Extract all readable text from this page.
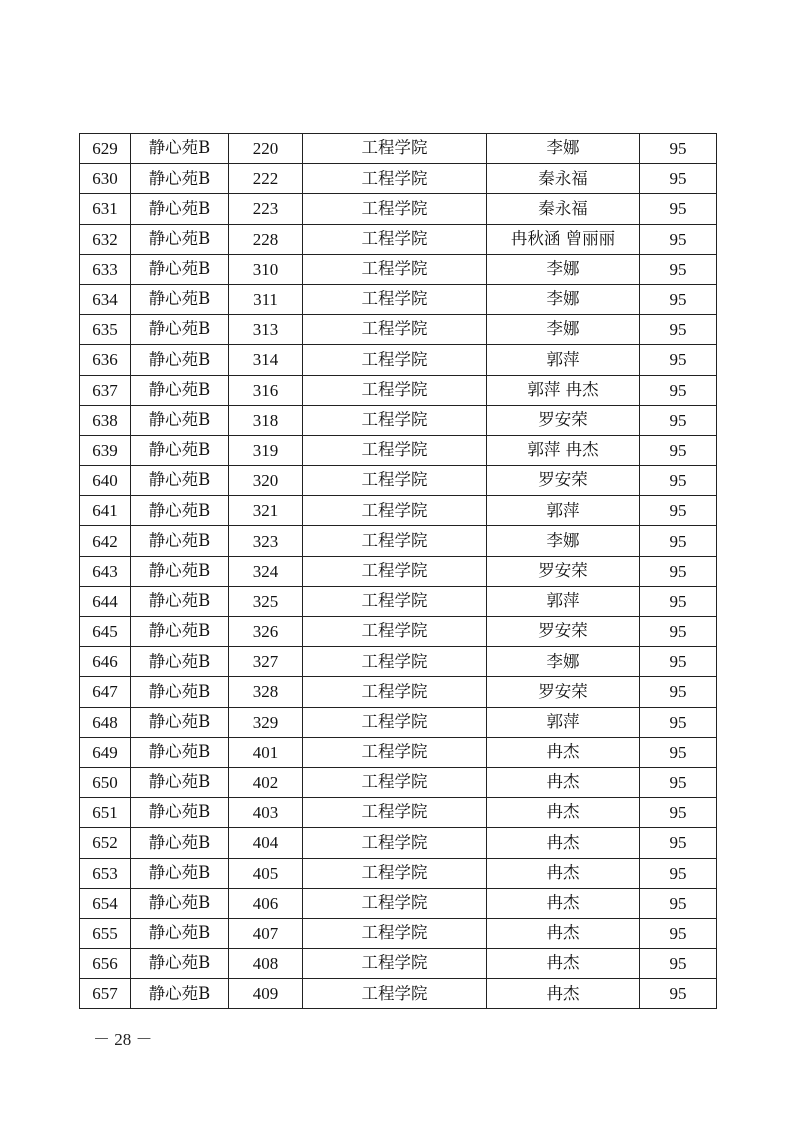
629	静心苑B	220	工程学院	李娜	95
630	静心苑B	222	工程学院	秦永福	95
631	静心苑B	223	工程学院	秦永福	95
632	静心苑B	228	工程学院	冉秋涵 曾丽丽	95
633	静心苑B	310	工程学院	李娜	95
634	静心苑B	311	工程学院	李娜	95
635	静心苑B	313	工程学院	李娜	95
636	静心苑B	314	工程学院	郭萍	95
637	静心苑B	316	工程学院	郭萍 冉杰	95
638	静心苑B	318	工程学院	罗安荣	95
639	静心苑B	319	工程学院	郭萍 冉杰	95
640	静心苑B	320	工程学院	罗安荣	95
641	静心苑B	321	工程学院	郭萍	95
642	静心苑B	323	工程学院	李娜	95
643	静心苑B	324	工程学院	罗安荣	95
644	静心苑B	325	工程学院	郭萍	95
645	静心苑B	326	工程学院	罗安荣	95
646	静心苑B	327	工程学院	李娜	95
647	静心苑B	328	工程学院	罗安荣	95
648	静心苑B	329	工程学院	郭萍	95
649	静心苑B	401	工程学院	冉杰	95
650	静心苑B	402	工程学院	冉杰	95
651	静心苑B	403	工程学院	冉杰	95
652	静心苑B	404	工程学院	冉杰	95
653	静心苑B	405	工程学院	冉杰	95
654	静心苑B	406	工程学院	冉杰	95
655	静心苑B	407	工程学院	冉杰	95
656	静心苑B	408	工程学院	冉杰	95
657	静心苑B	409	工程学院	冉杰	95
－ 28 －
